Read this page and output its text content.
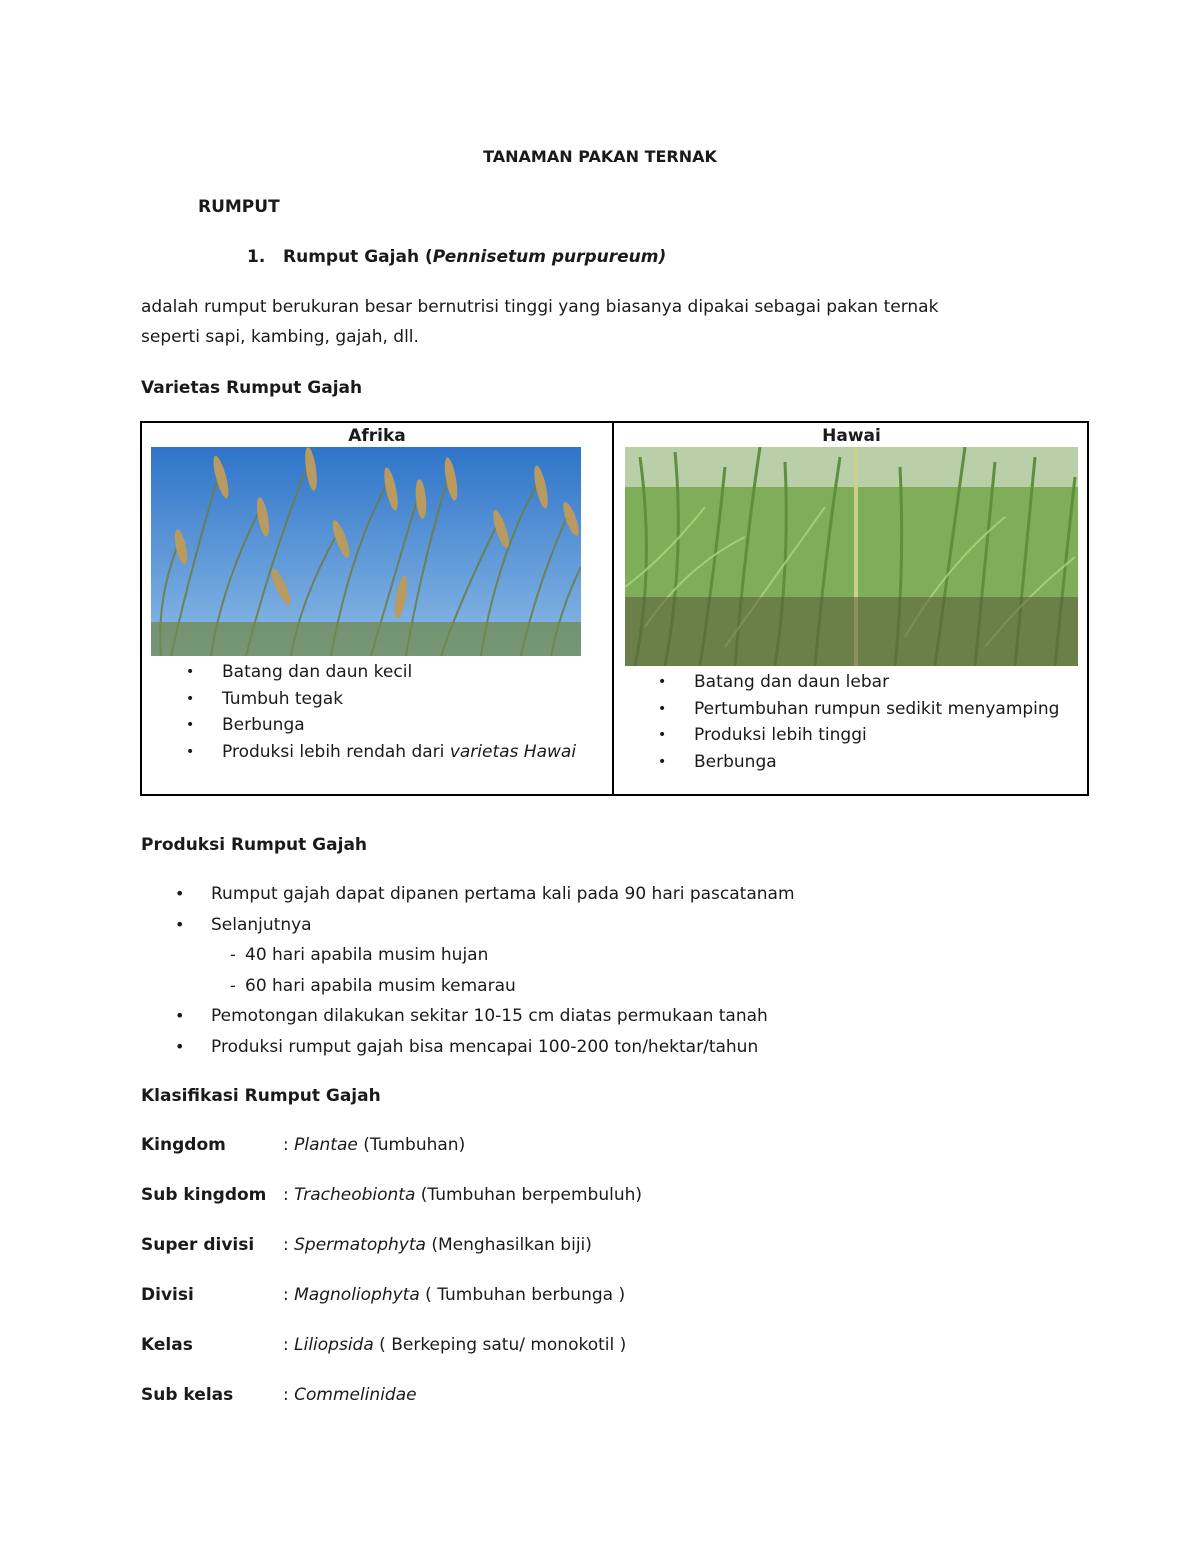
TANAMAN PAKAN TERNAK
RUMPUT
1. Rumput Gajah (Pennisetum purpureum)
adalah rumput berukuran besar bernutrisi tinggi yang biasanya dipakai sebagai pakan ternak
seperti sapi, kambing, gajah, dll.
Varietas Rumput Gajah
Afrika
• Batang dan daun kecil
• Tumbuh tegak
• Berbunga
• Produksi lebih rendah dari varietas Hawai
Hawai
• Batang dan daun lebar
• Pertumbuhan rumpun sedikit menyamping
• Produksi lebih tinggi
• Berbunga
Produksi Rumput Gajah
• Rumput gajah dapat dipanen pertama kali pada 90 hari pascatanam
• Selanjutnya
- 40 hari apabila musim hujan
- 60 hari apabila musim kemarau
• Pemotongan dilakukan sekitar 10-15 cm diatas permukaan tanah
• Produksi rumput gajah bisa mencapai 100-200 ton/hektar/tahun
Klasifikasi Rumput Gajah
Kingdom	: Plantae (Tumbuhan)
Sub kingdom : Tracheobionta (Tumbuhan berpembuluh)
Super divisi : Spermatophyta (Menghasilkan biji)
Divisi	: Magnoliophyta ( Tumbuhan berbunga )
Kelas	: Liliopsida ( Berkeping satu/ monokotil )
Sub kelas	: Commelinidae
